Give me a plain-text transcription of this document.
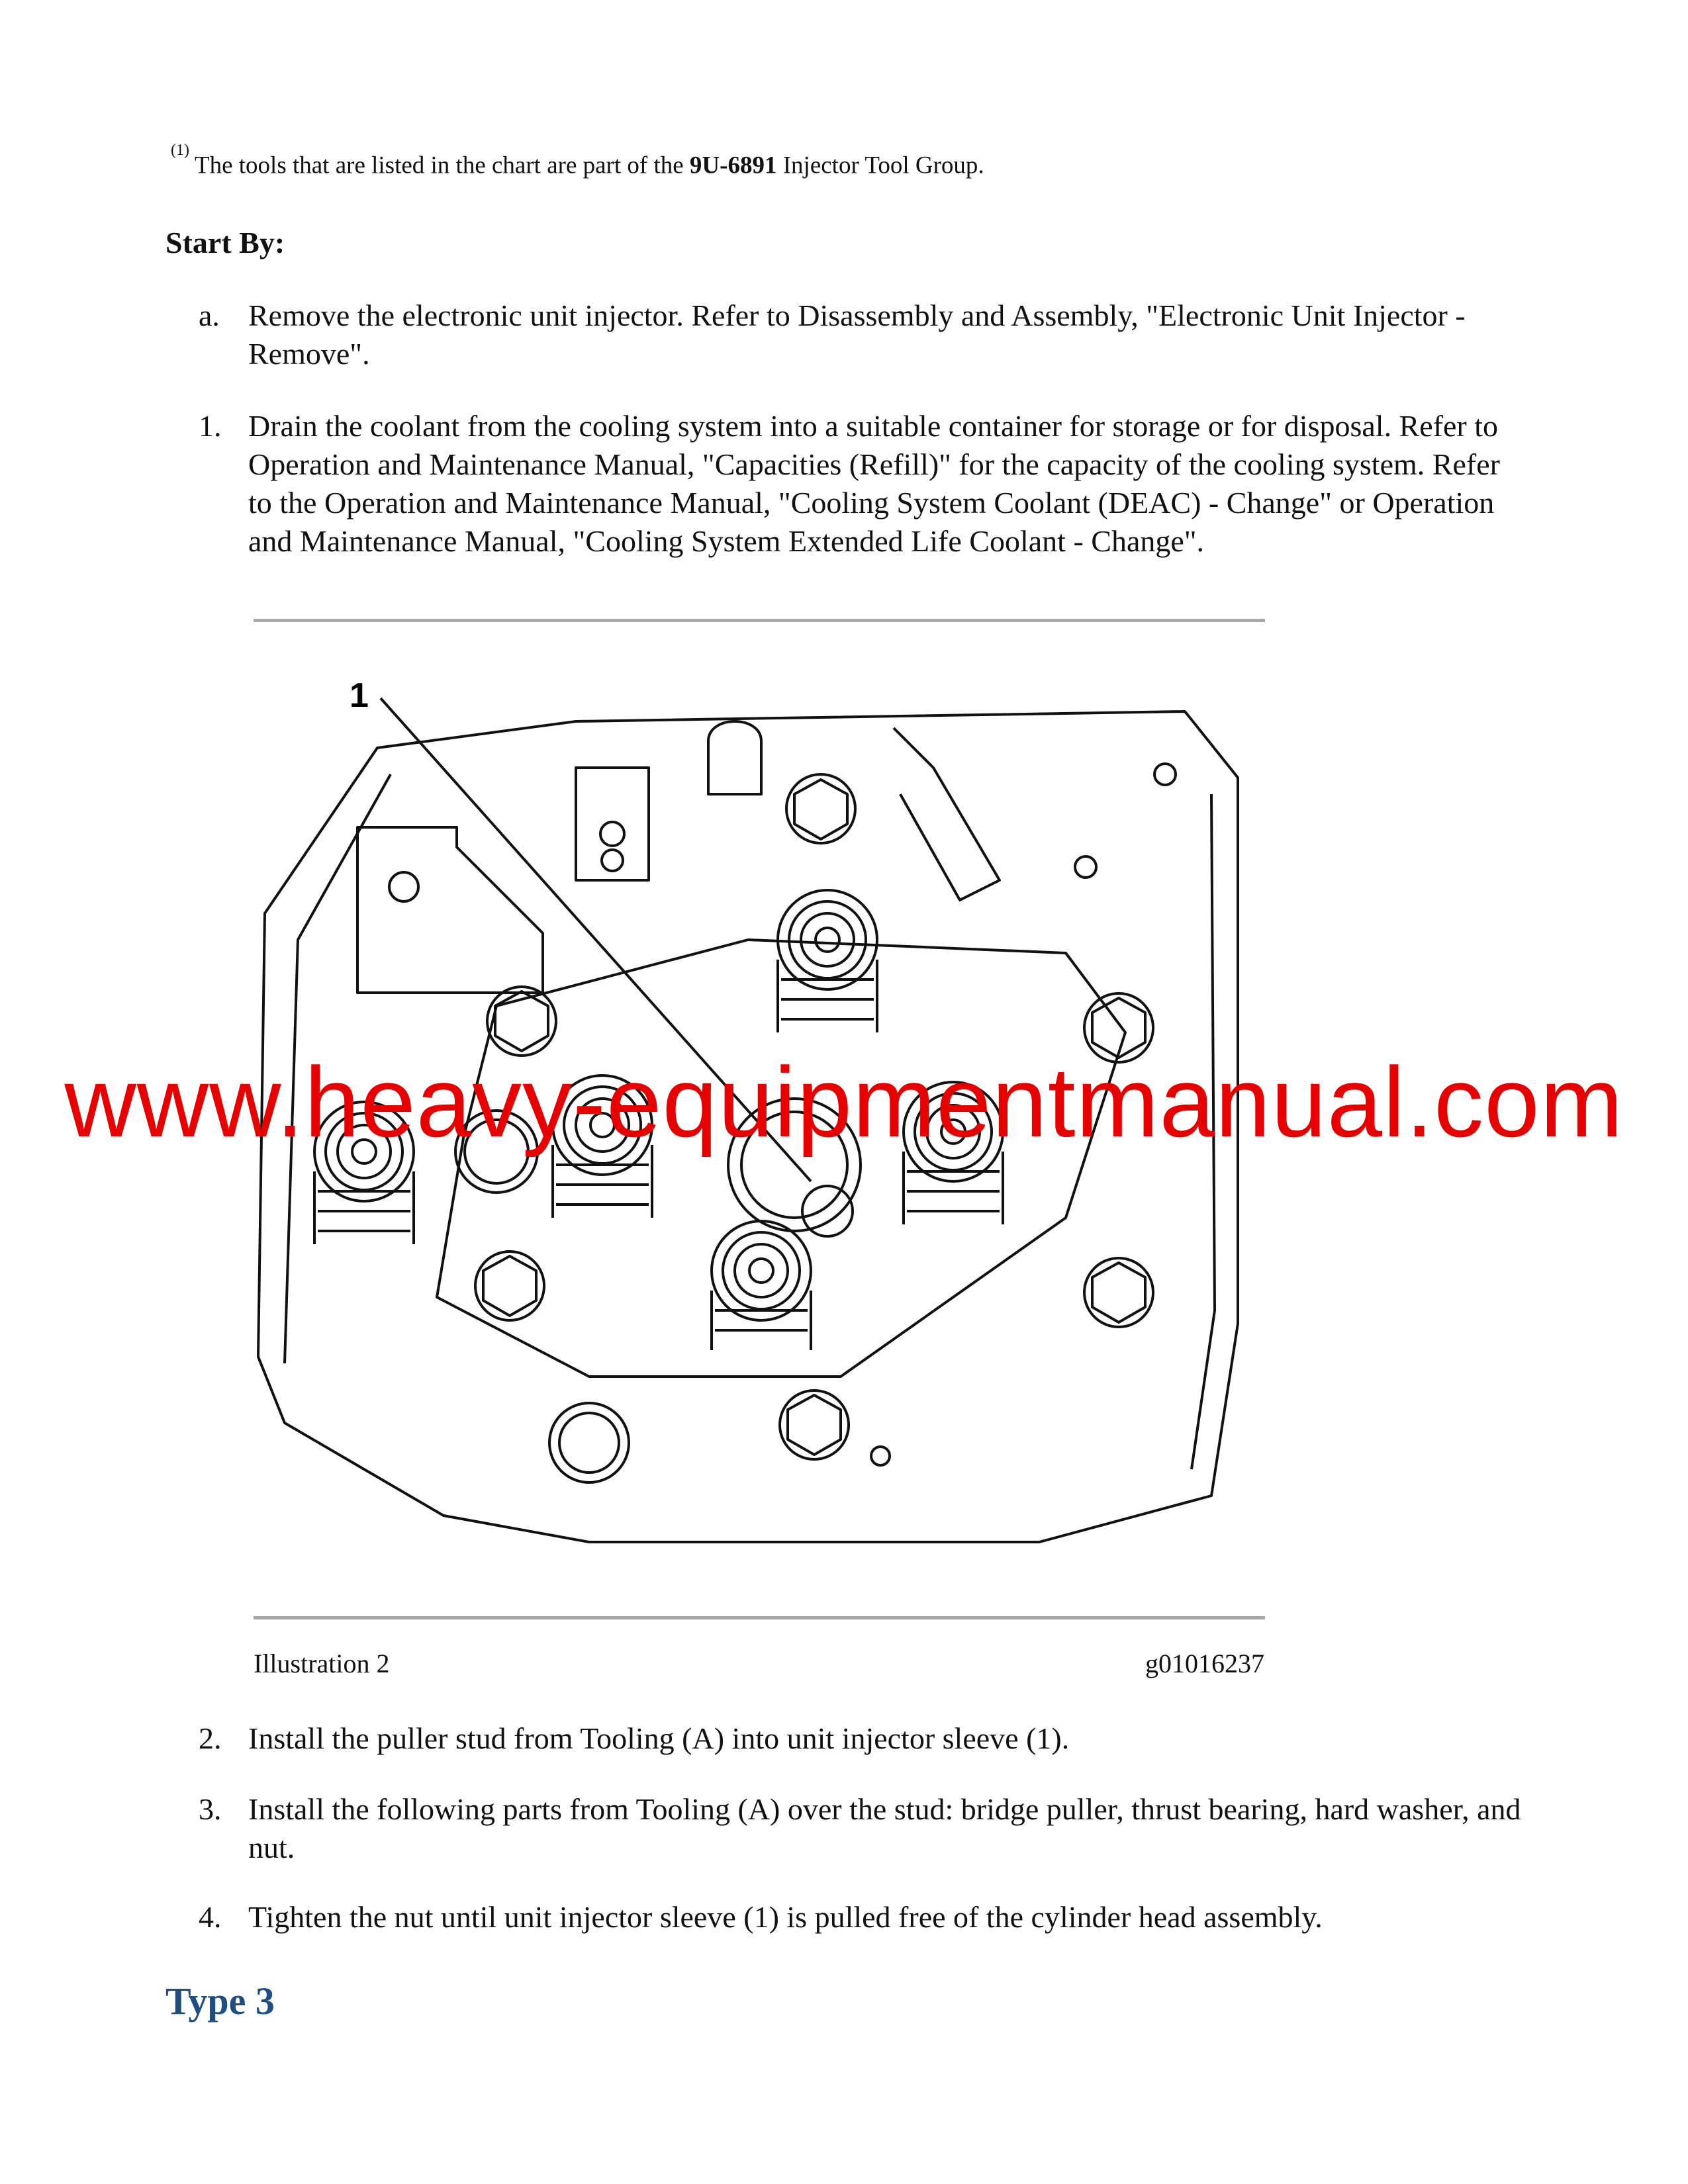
$^{(1)}$The tools that are listed in the chart are part of the 9U-6891 Injector Tool Group.
Start By:
a. Remove the electronic unit injector. Refer to Disassembly and Assembly, "Electronic Unit Injector - Remove".
1. Drain the coolant from the cooling system into a suitable container for storage or for disposal. Refer to Operation and Maintenance Manual, "Capacities (Refill)" for the capacity of the cooling system. Refer to the Operation and Maintenance Manual, "Cooling System Coolant (DEAC) - Change" or Operation and Maintenance Manual, "Cooling System Extended Life Coolant - Change".
1
www.heavy-equipmentmanual.com
Illustration 2	g01016237
2. Install the puller stud from Tooling (A) into unit injector sleeve (1).
3. Install the following parts from Tooling (A) over the stud: bridge puller, thrust bearing, hard washer, and nut.
4. Tighten the nut until unit injector sleeve (1) is pulled free of the cylinder head assembly.
Type 3
